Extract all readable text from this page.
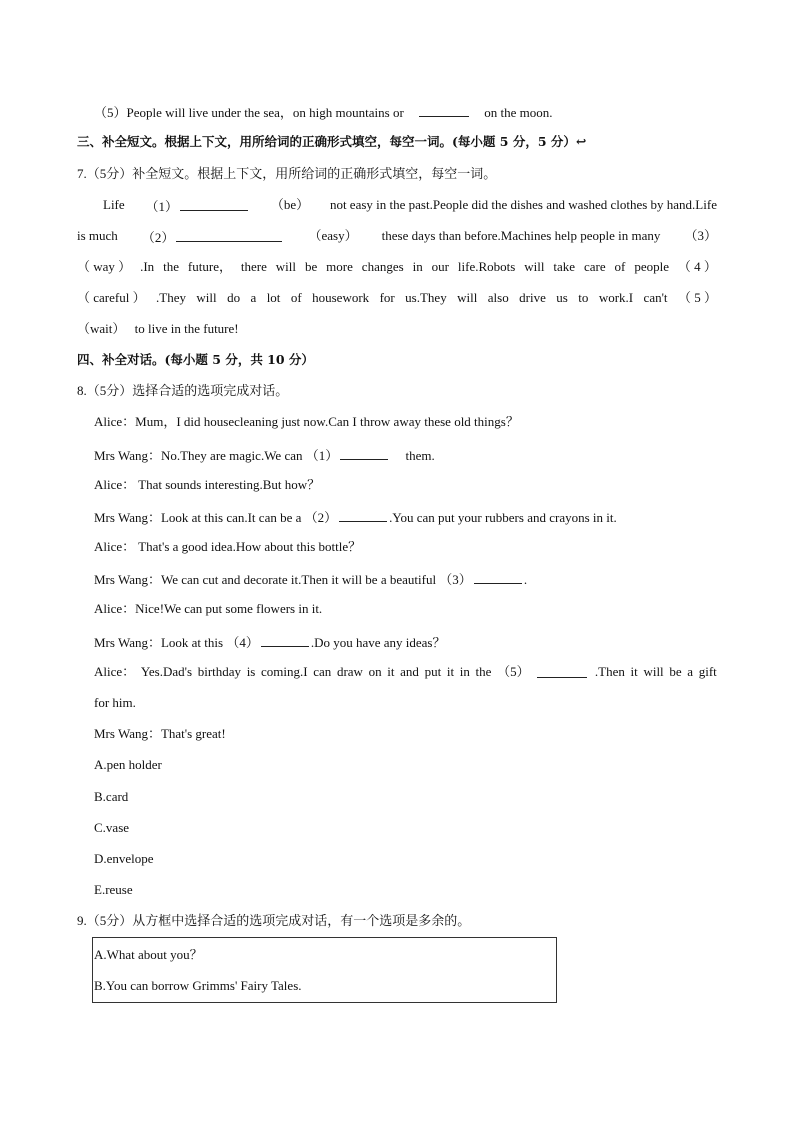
（5）People will live under the sea，on high mountains or	on the moon.
三、补全短文。根据上下文，用所给词的正确形式填空，每空一词。(每小题 5 分，5 分）↩
7.（5分）补全短文。根据上下文，用所给词的正确形式填空，每空一词。
Life （1）	（be） not easy in the past.People did the dishes and washed clothes by hand.Life
is much （2）	（easy） these days than before.Machines help people in many （3）
（ way ） .In the future， there will be more changes in our life.Robots will take care of people （ 4 ）
（ careful ） .They will do a lot of housework for us.They will also drive us to work.I can't （ 5 ）
（wait） to live in the future!
四、补全对话。(每小题 5 分，共 10 分）
8.（5分）选择合适的选项完成对话。
Alice：Mum，I did housecleaning just now.Can I throw away these old things？
Mrs Wang：No.They are magic.We can （1）	them.
Alice： That sounds interesting.But how？
Mrs Wang：Look at this can.It can be a （2）	.You can put your rubbers and crayons in it.
Alice： That's a good idea.How about this bottle？
Mrs Wang：We can cut and decorate it.Then it will be a beautiful （3）	.
Alice：Nice!We can put some flowers in it.
Mrs Wang：Look at this （4）	.Do you have any ideas？
Alice： Yes.Dad's birthday is coming.I can draw on it and put it in the （5）	.Then it will be a gift
for him.
Mrs Wang：That's great!
A.pen holder
B.card
C.vase
D.envelope
E.reuse
9.（5分）从方框中选择合适的选项完成对话，有一个选项是多余的。
A.What about you？
B.You can borrow Grimms' Fairy Tales.
